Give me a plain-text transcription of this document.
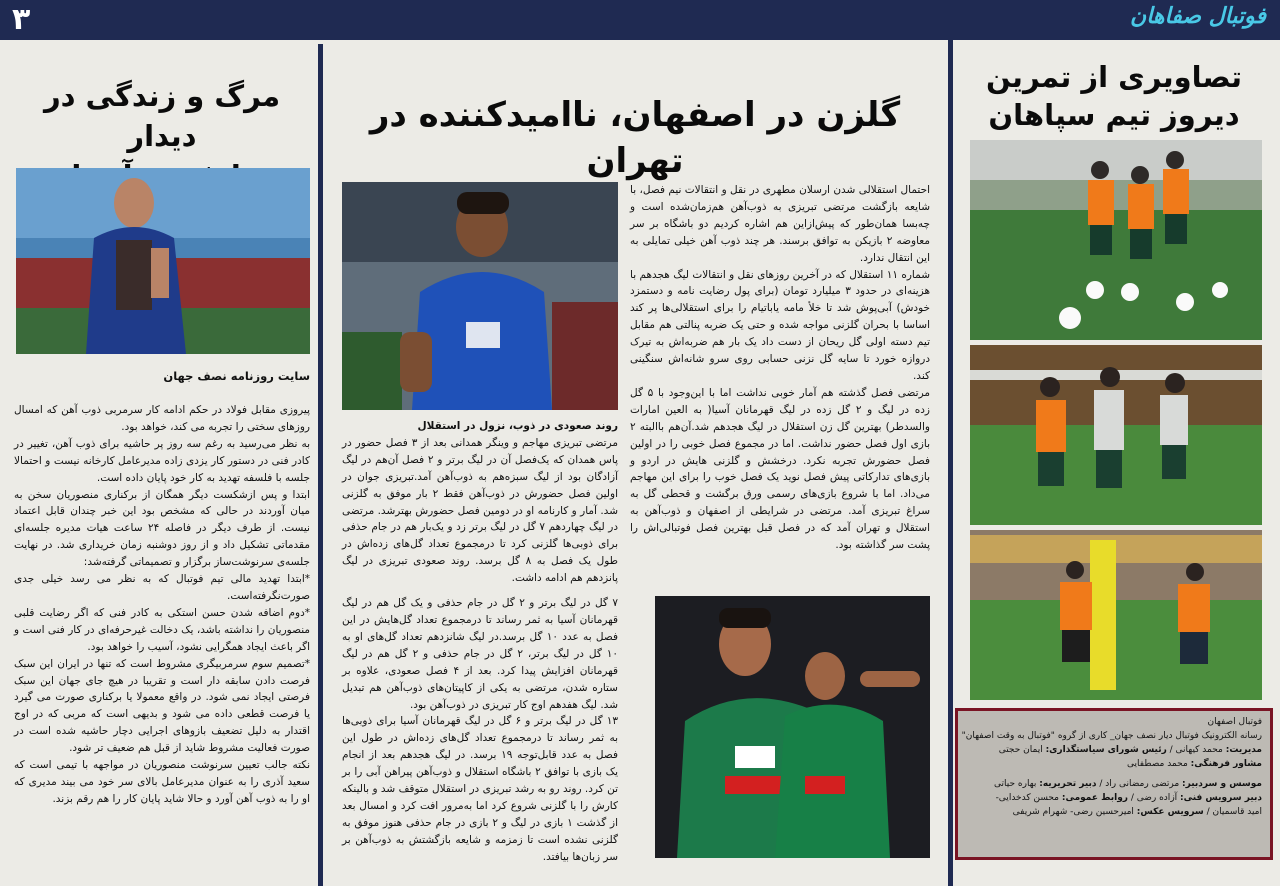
۳	فوتبال صفاهان
تصاویری از تمرین
دیروز تیم سپاهان
فوتبال اصفهان
رسانه الکترونیک فوتبال دیار نصف جهان_ کاری از گروه "فوتبال به وقت اصفهان"
مدیریت: محمد کیهانی / رئیس شورای سیاستگذاری: ایمان حجتی
مشاور فرهنگی: محمد مصطفایی
موسس و سردبیر: مرتضی رمضانی راد / دبیر تحریریه: بهاره حیاتی
دبیر سرویس فنی: آزاده رضی / روابط عمومی: محسن کدخدایی-
امید قاسمیان / سرویس عکس: امیرحسین رضی- شهرام شریفی
گلزن در اصفهان، ناامیدکننده در تهران

احتمال استقلالی شدن ارسلان مطهری در نقل و انتقالات نیم فصل، با شایعه بازگشت مرتضی تبریزی به ذوب‌آهن هم‌زمان‌شده است و چه‌بسا همان‌طور که پیش‌ازاین هم اشاره کردیم دو باشگاه بر سر معاوضه ۲ بازیکن به توافق برسند. هر چند ذوب آهن خیلی تمایلی به این انتقال ندارد.

شماره ۱۱ استقلال که در آخرین روزهای نقل و انتقالات لیگ هجدهم با هزینه‌ای در حدود ۳ میلیارد تومان (برای پول رضایت نامه و دستمزد خودش) آبی‌پوش شد تا خلأ مامه یاباتیام را برای استقلالی‌ها پر کند اساسا با بحران گلزنی مواجه شده و حتی یک ضربه پنالتی هم مقابل تیم دسته اولی گل ریحان از دست داد یک بار هم ضربه‌اش به تیرک دروازه خورد تا سایه گل نزنی حسابی روی سرو شانه‌اش سنگینی کند.

مرتضی فصل گذشته هم آمار خوبی نداشت اما با این‌وجود با ۵ گل زده در لیگ و ۲ گل زده در لیگ قهرمانان آسیا( به العین امارات والسدطر) بهترین گل زن استقلال در لیگ هجدهم شد.آن‌هم باالبته ۲ بازی اول فصل حضور نداشت. اما در مجموع فصل خوبی را در اولین فصل حضورش تجربه نکرد. درخشش و گلزنی هایش در اردو و بازی‌های تدارکاتی پیش فصل نوید یک فصل خوب را برای این مهاجم می‌داد. اما با شروع بازی‌های رسمی ورق برگشت و قحطی گل به سراغ تبریزی آمد. مرتضی در شرایطی از اصفهان و ذوب‌آهن به استقلال و تهران آمد که در فصل قبل بهترین فصل فوتبالی‌اش را پشت سر گذاشته بود.

روند صعودی در ذوب، نزول در استقلال

مرتضی تبریزی مهاجم و وینگر همدانی بعد از ۳ فصل حضور در پاس همدان که یک‌فصل آن در لیگ برتر و ۲ فصل آن‌هم در لیگ آزادگان بود از لیگ سبزه‌هم به ذوب‌آهن آمد.تبریزی جوان در اولین فصل حضورش در ذوب‌آهن فقط ۲ بار موفق به گلزنی شد. آمار و کارنامه او در دومین فصل حضورش بهتر‌شد. مرتضی در لیگ چهاردهم ۷ گل در لیگ برتر زد و یک‌بار هم در جام حذفی برای ذوبی‌ها گلزنی کرد تا درمجموع تعداد گل‌های زده‌اش در طول یک فصل به ۸ گل برسد. روند صعودی تبریزی در لیگ پانزدهم هم ادامه داشت.

۷ گل در لیگ برتر و ۲ گل در جام حذفی و یک گل هم در لیگ قهرمانان آسیا به ثمر رساند تا درمجموع تعداد گل‌هایش در این فصل به عدد ۱۰ گل برسد.در لیگ شانزدهم تعداد گل‌های او به ۱۰ گل در لیگ برتر، ۲ گل در جام حذفی و ۲ گل هم در لیگ قهرمانان افزایش پیدا کرد. بعد از ۴ فصل صعودی، علاوه بر ستاره شدن، مرتضی به یکی از کاپیتان‌های ذوب‌آهن هم تبدیل شد. لیگ هفدهم اوج کار تبریزی در ذوب‌آهن بود.

۱۳ گل در لیگ برتر و ۶ گل در لیگ قهرمانان آسیا برای ذوبی‌ها به ثمر رساند تا درمجموع تعداد گل‌های زده‌اش در طول این فصل به عدد قابل‌توجه ۱۹ برسد. در لیگ هجدهم بعد از انجام یک بازی با توافق ۲ باشگاه استقلال و ذوب‌آهن پیراهن آبی را بر تن کرد. روند رو به رشد تبریزی در استقلال متوقف شد و بالینکه کارش را با گلزنی شروع کرد اما به‌مرور افت کرد و امسال بعد از گذشت ۱ بازی در لیگ و ۲ بازی در جام حذفی هنوز موفق به گلزنی نشده است تا زمزمه و شایعه بازگشتش به ذوب‌آهن بر سر زبان‌ها بیافتد.

مرگ و زندگی در دیدار
سایت روزنامه نصف جهان

پیروزی مقابل فولاد در حکم ادامه کار سرمربی ذوب آهن که امسال روزهای سختی را تجربه می کند، خواهد بود.

به نظر می‌رسید به رغم سه روز پر حاشیه برای ذوب آهن، تغییر در کادر فنی در دستور کار یزدی زاده مدیرعامل کارخانه نیست و احتمالا جلسه با فلسفه تهدید به کار خود پایان داده است.

ابتدا و پس ازشکست دیگر همگان از برکناری منصوریان سخن به میان آوردند در حالی که مشخص بود این خبر چندان قابل اعتماد نیست. از طرف دیگر در فاصله ۲۴ ساعت هیات مدیره جلسه‌ای مقدماتی تشکیل داد و از روز دوشنبه زمان خریداری شد. در نهایت جلسه‌ی سرنوشت‌ساز برگزار و تصمیماتی گرفته‌شد:

*ابتدا تهدید مالی تیم فوتبال که به نظر می رسد خیلی جدی صورت‌نگرفته‌است.

*دوم اضافه شدن حسن استکی به کادر فنی که اگر رضایت قلبی منصوریان را نداشته باشد، یک دخالت غیرحرفه‌ای در کار فنی است و اگر باعث ایجاد همگرایی نشود، آسیب را خواهد بود.

*تصمیم سوم سرمربیگری مشروط است که تنها در ایران این سبک فرصت دادن سابقه دار است و تقریبا در هیچ جای جهان این سبک فرصتی ایجاد نمی شود. در واقع معمولا یا برکناری صورت می گیرد یا فرصت قطعی داده می شود و بدیهی است که مربی که در اوج اقتدار به دلیل تضعیف بازوهای اجرایی دچار حاشیه شده است در صورت فعالیت مشروط شاید از قبل هم ضعیف تر شود.

نکته جالب تعیین سرنوشت منصوریان در مواجهه با تیمی است که سعید آذری را به عنوان مدیرعامل بالای سر خود می بیند مدیری که او را به ذوب آهن آورد و حالا شاید پایان کار را هم رقم بزند.
